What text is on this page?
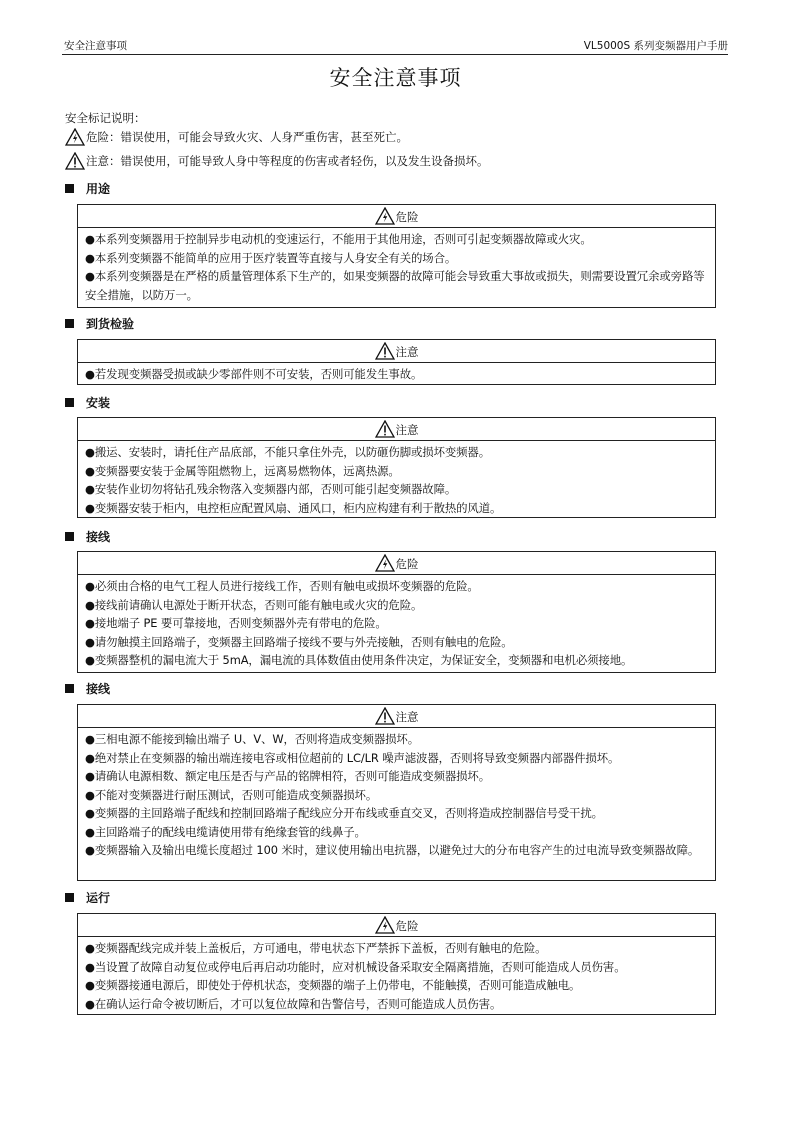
安全注意事项	VL5000S 系列变频器用户手册
安全注意事项
安全标记说明：
危险：错误使用，可能会导致火灾、人身严重伤害，甚至死亡。
注意：错误使用，可能导致人身中等程度的伤害或者轻伤，以及发生设备损坏。
用途
危险
●本系列变频器用于控制异步电动机的变速运行，不能用于其他用途，否则可引起变频器故障或火灾。
●本系列变频器不能简单的应用于医疗装置等直接与人身安全有关的场合。
●本系列变频器是在严格的质量管理体系下生产的，如果变频器的故障可能会导致重大事故或损失，则需要设置冗余或旁路等安全措施，以防万一。
到货检验
注意
●若发现变频器受损或缺少零部件则不可安装，否则可能发生事故。
安装
注意
●搬运、安装时，请托住产品底部，不能只拿住外壳，以防砸伤脚或损坏变频器。
●变频器要安装于金属等阻燃物上，远离易燃物体，远离热源。
●安装作业切勿将钻孔残余物落入变频器内部，否则可能引起变频器故障。
●变频器安装于柜内，电控柜应配置风扇、通风口，柜内应构建有利于散热的风道。
接线
危险
●必须由合格的电气工程人员进行接线工作，否则有触电或损坏变频器的危险。
●接线前请确认电源处于断开状态，否则可能有触电或火灾的危险。
●接地端子 PE 要可靠接地，否则变频器外壳有带电的危险。
●请勿触摸主回路端子，变频器主回路端子接线不要与外壳接触，否则有触电的危险。
●变频器整机的漏电流大于 5mA，漏电流的具体数值由使用条件决定，为保证安全，变频器和电机必须接地。
接线
注意
●三相电源不能接到输出端子 U、V、W，否则将造成变频器损坏。
●绝对禁止在变频器的输出端连接电容或相位超前的 LC/LR 噪声滤波器，否则将导致变频器内部器件损坏。
●请确认电源相数、额定电压是否与产品的铭牌相符，否则可能造成变频器损坏。
●不能对变频器进行耐压测试，否则可能造成变频器损坏。
●变频器的主回路端子配线和控制回路端子配线应分开布线或垂直交叉，否则将造成控制器信号受干扰。
●主回路端子的配线电缆请使用带有绝缘套管的线鼻子。
●变频器输入及输出电缆长度超过 100 米时，建议使用输出电抗器，以避免过大的分布电容产生的过电流导致变频器故障。
运行
危险
●变频器配线完成并装上盖板后，方可通电，带电状态下严禁拆下盖板，否则有触电的危险。
●当设置了故障自动复位或停电后再启动功能时，应对机械设备采取安全隔离措施，否则可能造成人员伤害。
●变频器接通电源后，即使处于停机状态，变频器的端子上仍带电，不能触摸，否则可能造成触电。
●在确认运行命令被切断后，才可以复位故障和告警信号，否则可能造成人员伤害。
